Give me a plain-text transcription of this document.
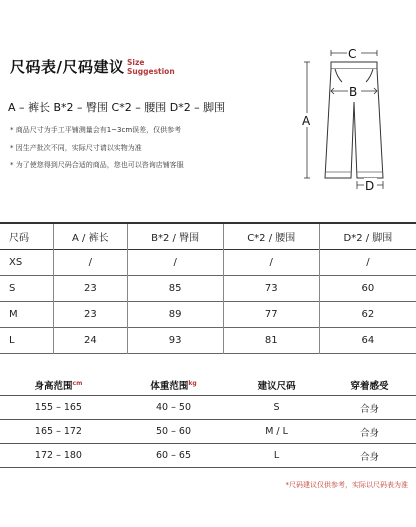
尺码表/尺码建议 Size
Suggestion
A – 裤长 B*2 – 臀围 C*2 – 腰围 D*2 – 脚围
* 商品尺寸为手工平铺测量会有1~3cm误差，仅供参考
* 因生产批次不同，实际尺寸请以实物为准
* 为了使您得到尺码合适的商品，您也可以咨询店铺客服
C
B
A
D
尺码	A / 裤长	B*2 / 臀围	C*2 / 腰围	D*2 / 脚围
XS	/	/	/	/
S	23	85	73	60
M	23	89	77	62
L	24	93	81	64
身高范围$^{cm}$	体重范围$^{kg}$	建议尺码	穿着感受
155 – 165	40 – 50	S	合身
165 – 172	50 – 60	M / L	合身
172 – 180	60 – 65	L	合身
*尺码建议仅供参考，实际以尺码表为准
